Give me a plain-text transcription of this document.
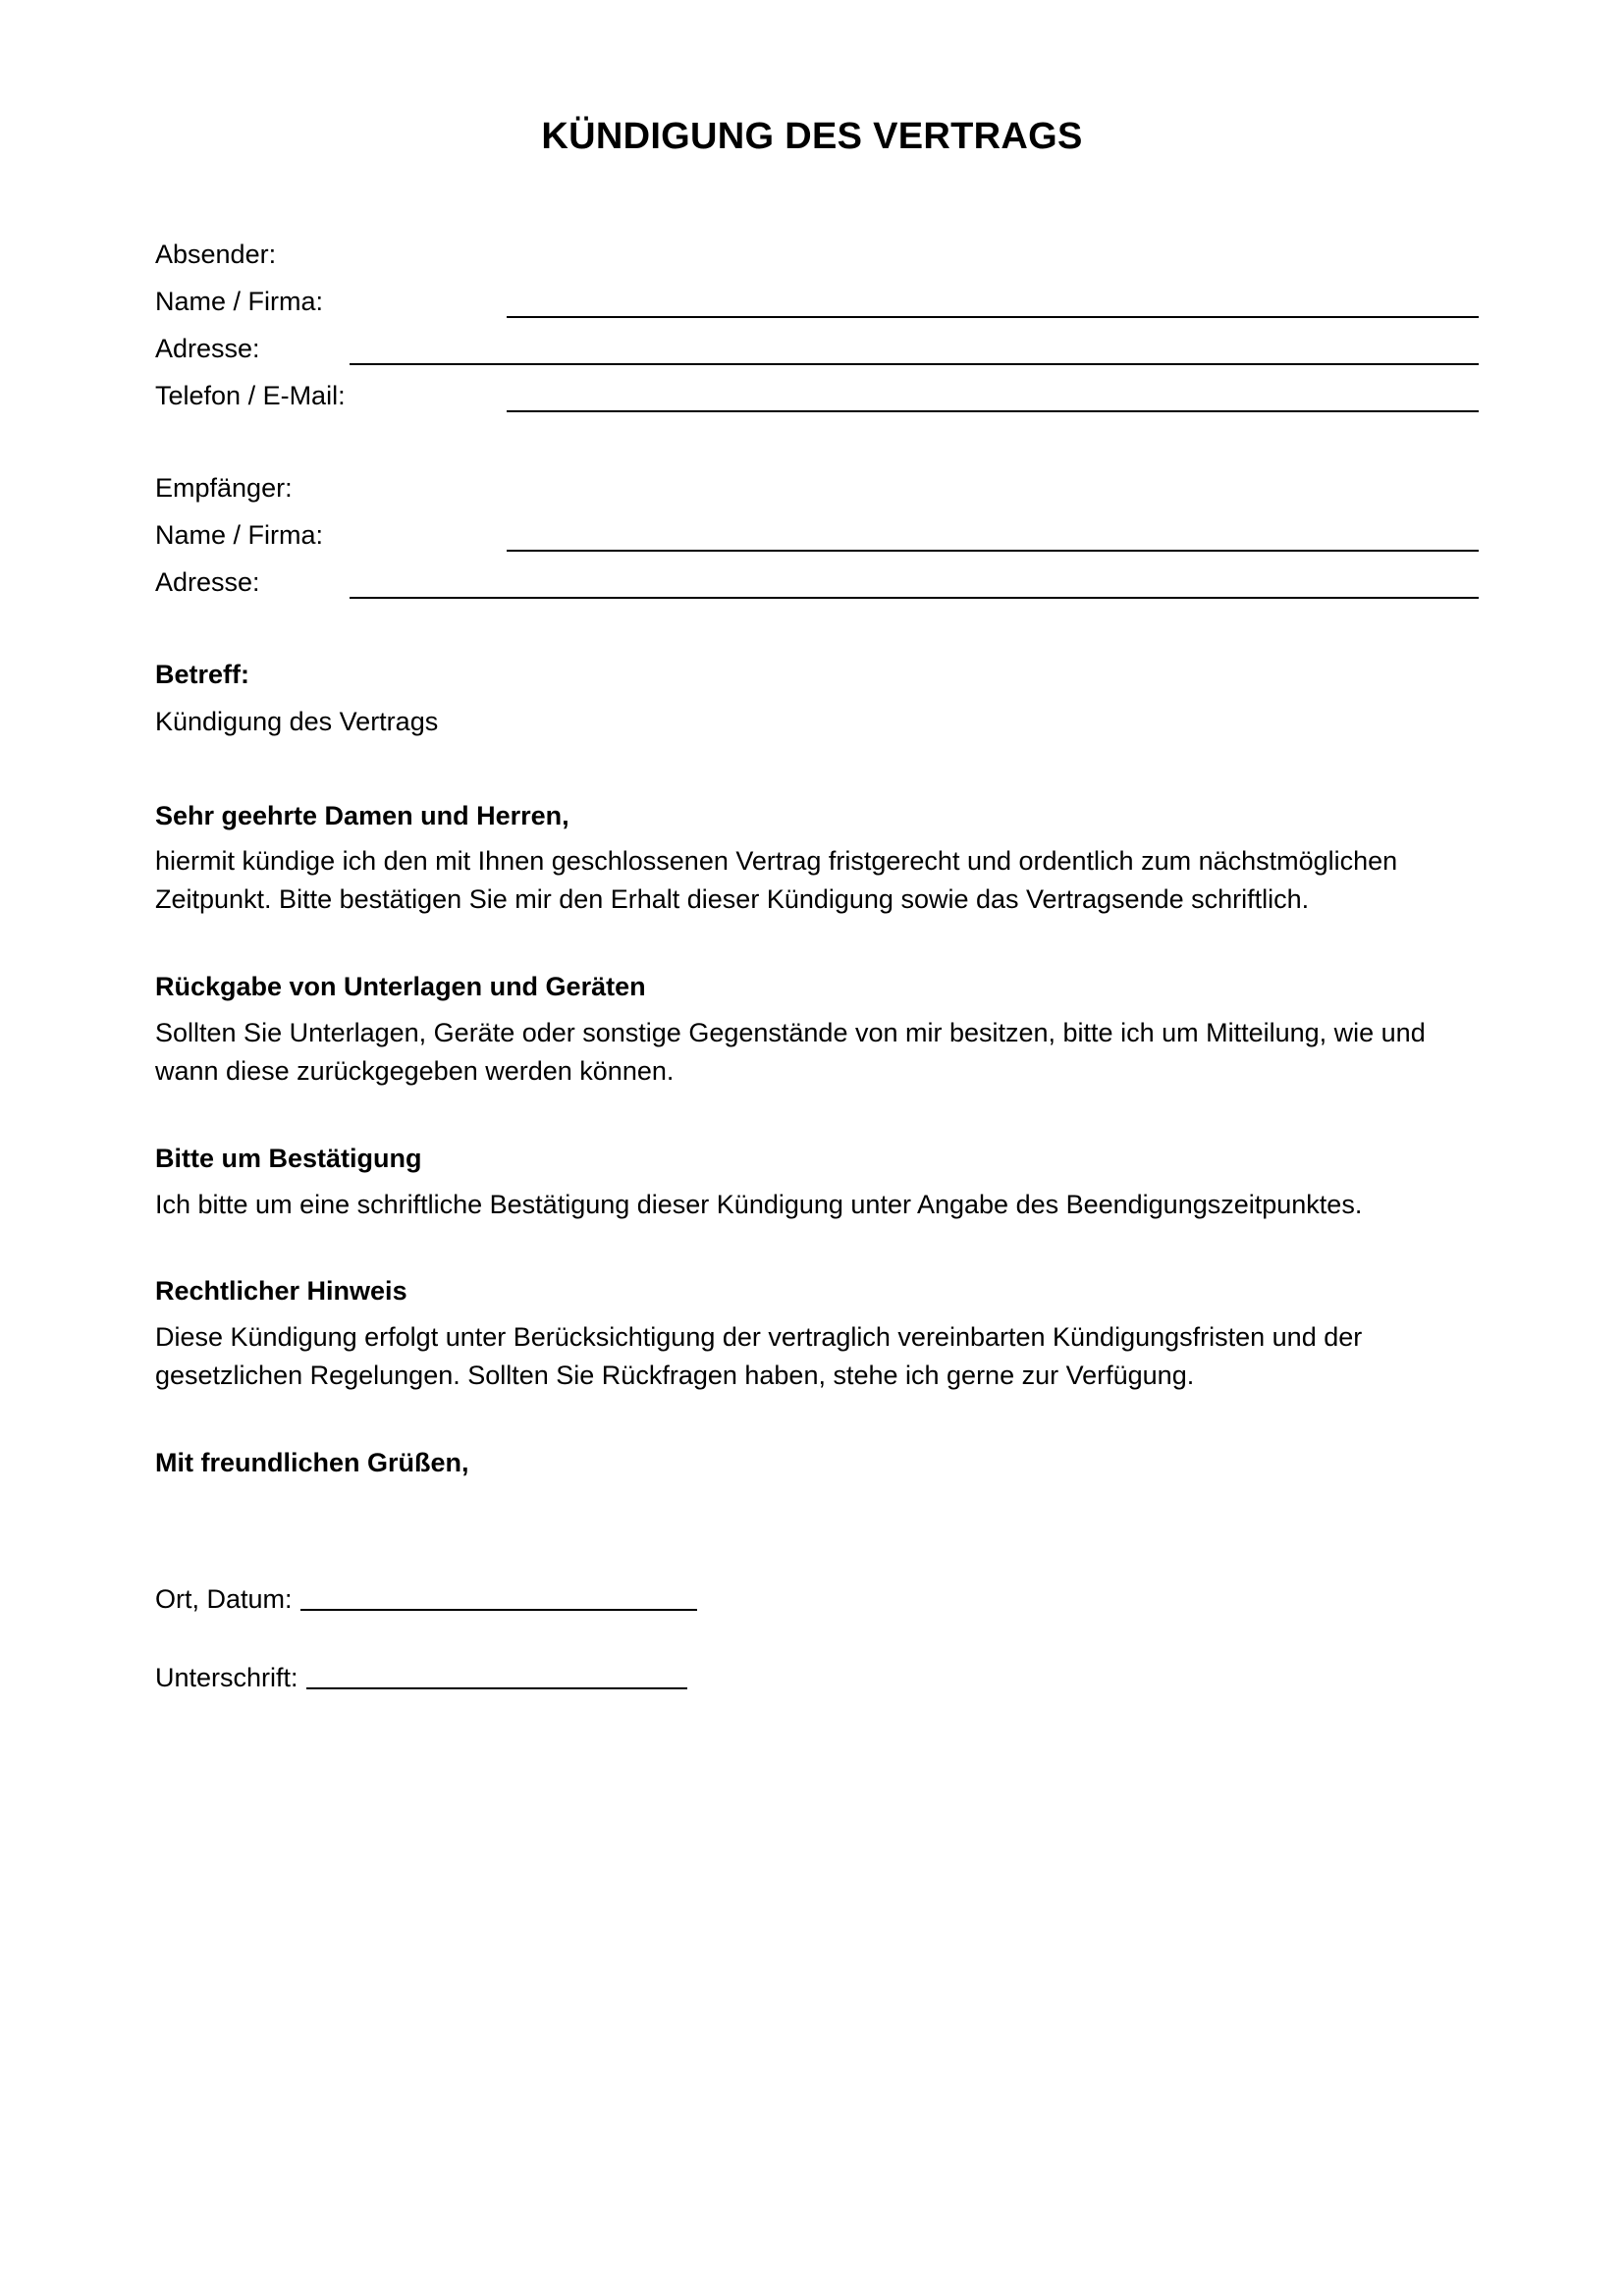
KÜNDIGUNG DES VERTRAGS
Absender:
Name / Firma:
Adresse:
Telefon / E-Mail:
Empfänger:
Name / Firma:
Adresse:
Betreff:
Kündigung des Vertrags
Sehr geehrte Damen und Herren,
hiermit kündige ich den mit Ihnen geschlossenen Vertrag fristgerecht und ordentlich zum nächstmöglichen
Zeitpunkt. Bitte bestätigen Sie mir den Erhalt dieser Kündigung sowie das Vertragsende schriftlich.
Rückgabe von Unterlagen und Geräten
Sollten Sie Unterlagen, Geräte oder sonstige Gegenstände von mir besitzen, bitte ich um Mitteilung, wie und
wann diese zurückgegeben werden können.
Bitte um Bestätigung
Ich bitte um eine schriftliche Bestätigung dieser Kündigung unter Angabe des Beendigungszeitpunktes.
Rechtlicher Hinweis
Diese Kündigung erfolgt unter Berücksichtigung der vertraglich vereinbarten Kündigungsfristen und der
gesetzlichen Regelungen. Sollten Sie Rückfragen haben, stehe ich gerne zur Verfügung.
Mit freundlichen Grüßen,
Ort, Datum:
Unterschrift:
